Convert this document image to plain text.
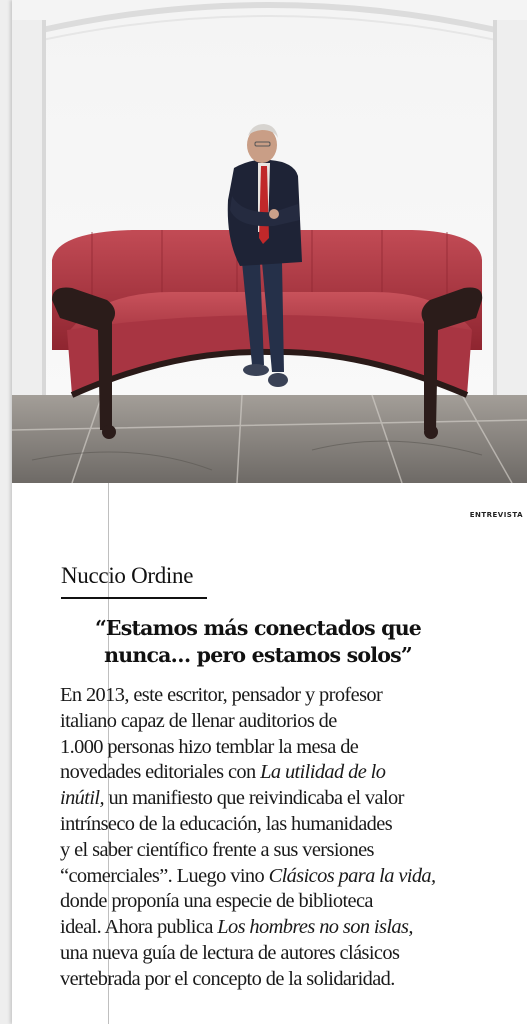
ENTREVISTA
Nuccio Ordine
“Estamos más conectados que
nunca… pero estamos solos”
En 2013, este escritor, pensador y profesor
italiano capaz de llenar auditorios de
1.000 personas hizo temblar la mesa de
novedades editoriales con La utilidad de lo
inútil, un manifiesto que reivindicaba el valor
intrínseco de la educación, las humanidades
y el saber científico frente a sus versiones
“comerciales”. Luego vino Clásicos para la vida,
donde proponía una especie de biblioteca
ideal. Ahora publica Los hombres no son islas,
una nueva guía de lectura de autores clásicos
vertebrada por el concepto de la solidaridad.
